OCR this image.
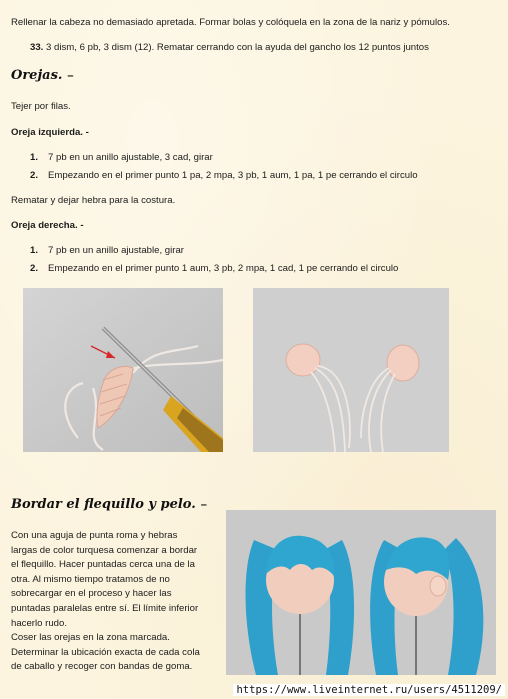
Rellenar la cabeza no demasiado apretada. Formar bolas y colóquela en la zona de la nariz y pómulos.
33. 3 dism, 6 pb, 3 dism (12). Rematar cerrando con la ayuda del gancho los 12 puntos juntos
Orejas. –
Tejer por filas.
Oreja izquierda. -
1. 7 pb en un anillo ajustable, 3 cad, girar
2. Empezando en el primer punto 1 pa, 2 mpa, 3 pb, 1 aum, 1 pa, 1 pe cerrando el circulo
Rematar y dejar hebra para la costura.
Oreja derecha. -
1. 7 pb en un anillo ajustable, girar
2. Empezando en el primer punto 1 aum, 3 pb, 2 mpa, 1 cad, 1 pe cerrando el circulo
Bordar el flequillo y pelo. –

Con una aguja de punta roma y hebras

largas de color turquesa comenzar a bordar

el flequillo. Hacer puntadas cerca una de la

otra. Al mismo tiempo tratamos de no

sobrecargar en el proceso y hacer las

puntadas paralelas entre sí. El límite inferior

hacerlo rudo.

Coser las orejas en la zona marcada.

Determinar la ubicación exacta de cada cola

de caballo y recoger con bandas de goma.

https://www.liveinternet.ru/users/4511209/
